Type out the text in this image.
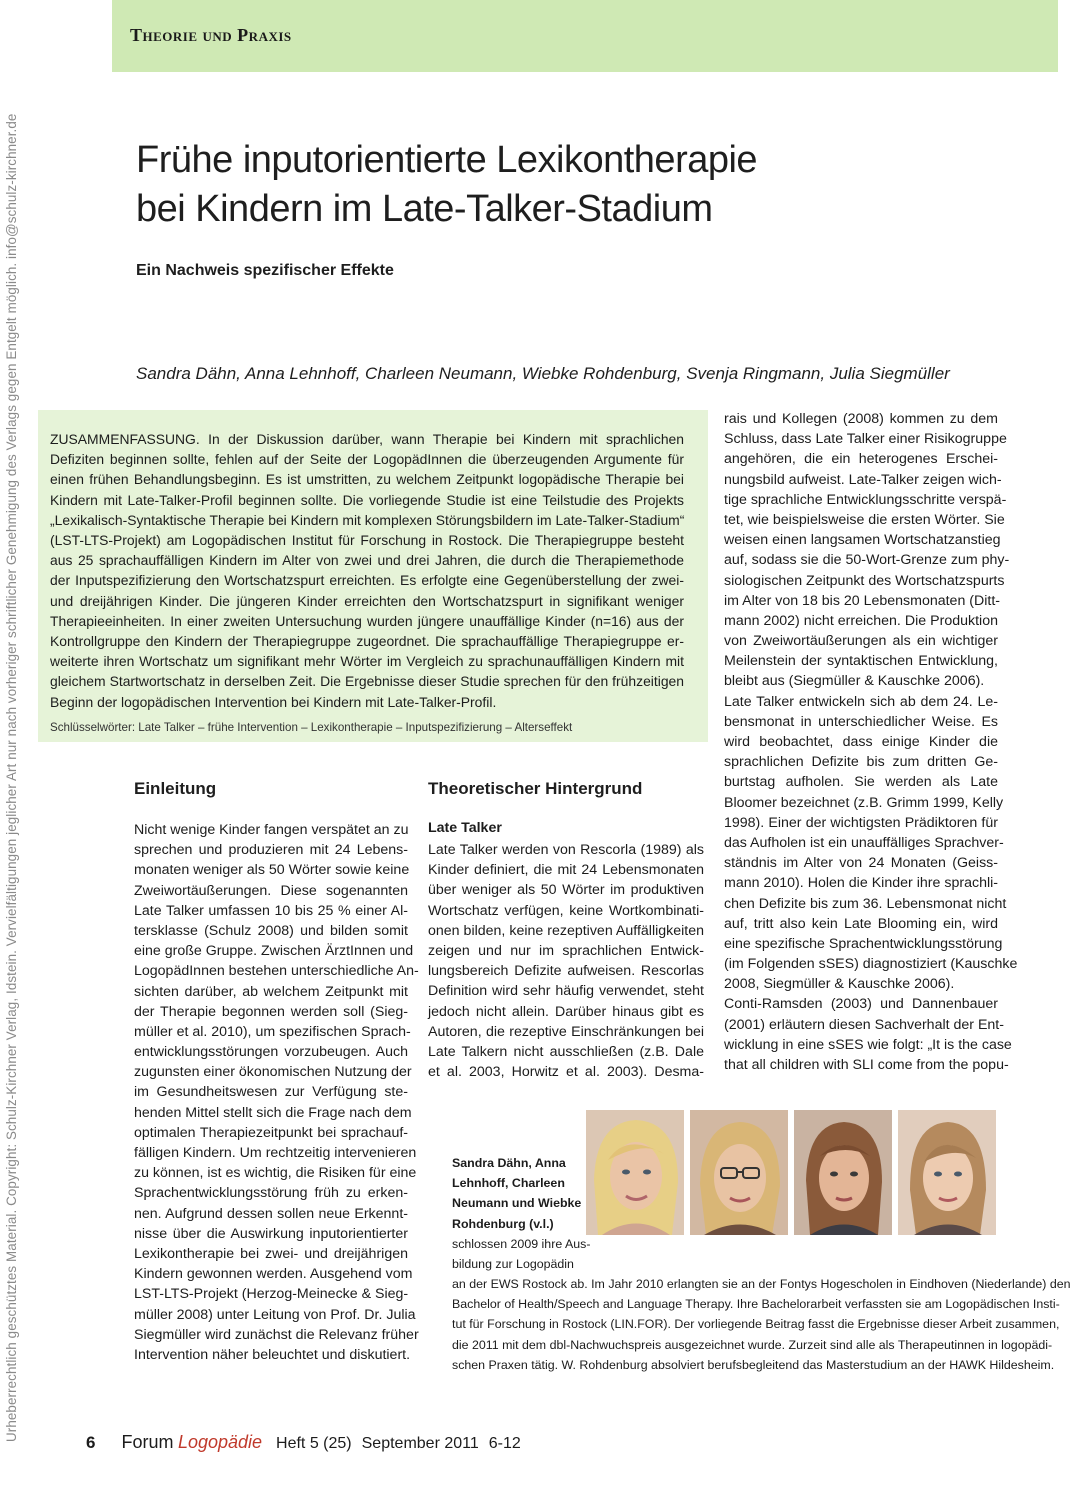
Theorie und Praxis
Urheberrechtlich geschütztes Material. Copyright: Schulz-Kirchner Verlag, Idstein. Vervielfältigungen jeglicher Art nur nach vorheriger schriftlicher Genehmigung des Verlags gegen Entgelt möglich. info@schulz-kirchner.de	Frühe inputorientierte Lexikontherapie
bei Kindern im Late-Talker-Stadium
Ein Nachweis spezifischer Effekte
Sandra Dähn, Anna Lehnhoff, Charleen Neumann, Wiebke Rohdenburg, Svenja Ringmann, Julia Siegmüller
ZUSAMMENFASSUNG. In der Diskussion darüber, wann Therapie bei Kindern mit sprachlichen
Defiziten beginnen sollte, fehlen auf der Seite der LogopädInnen die überzeugenden Argumente für
einen frühen Behandlungsbeginn. Es ist umstritten, zu welchem Zeitpunkt logopädische Therapie bei
Kindern mit Late-Talker-Profil beginnen sollte. Die vorliegende Studie ist eine Teilstudie des Projekts
„Lexikalisch-Syntaktische Therapie bei Kindern mit komplexen Störungsbildern im Late-Talker-Stadium“
(LST-LTS-Projekt) am Logopädischen Institut für Forschung in Rostock. Die Therapiegruppe besteht
aus 25 sprachauffälligen Kindern im Alter von zwei und drei Jahren, die durch die Therapiemethode
der Inputspezifizierung den Wortschatzspurt erreichten. Es erfolgte eine Gegenüberstellung der zwei-
und dreijährigen Kinder. Die jüngeren Kinder erreichten den Wortschatzspurt in signifikant weniger
Therapieeinheiten. In einer zweiten Untersuchung wurden jüngere unauffällige Kinder (n=16) aus der
Kontrollgruppe den Kindern der Therapiegruppe zugeordnet. Die sprachauffällige Therapiegruppe er-
weiterte ihren Wortschatz um signifikant mehr Wörter im Vergleich zu sprachunauffälligen Kindern mit
gleichem Startwortschatz in derselben Zeit. Die Ergebnisse dieser Studie sprechen für den frühzeitigen
Beginn der logopädischen Intervention bei Kindern mit Late-Talker-Profil.
Schlüsselwörter: Late Talker – frühe Intervention – Lexikontherapie – Inputspezifizierung – Alterseffekt
Einleitung
Nicht wenige Kinder fangen verspätet an zu
sprechen und produzieren mit 24 Lebens-
monaten weniger als 50 Wörter sowie keine
Zweiwortäußerungen. Diese sogenannten
Late Talker umfassen 10 bis 25 % einer Al-
tersklasse (Schulz 2008) und bilden somit
eine große Gruppe. Zwischen ÄrztInnen und
LogopädInnen bestehen unterschiedliche An-
sichten darüber, ab welchem Zeitpunkt mit
der Therapie begonnen werden soll (Sieg-
müller et al. 2010), um spezifischen Sprach-
entwicklungsstörungen vorzubeugen. Auch
zugunsten einer ökonomischen Nutzung der
im Gesundheitswesen zur Verfügung ste-
henden Mittel stellt sich die Frage nach dem
optimalen Therapiezeitpunkt bei sprachauf-
fälligen Kindern. Um rechtzeitig intervenieren
zu können, ist es wichtig, die Risiken für eine
Sprachentwicklungsstörung früh zu erken-
nen. Aufgrund dessen sollen neue Erkennt-
nisse über die Auswirkung inputorientierter
Lexikontherapie bei zwei- und dreijährigen
Kindern gewonnen werden. Ausgehend vom
LST-LTS-Projekt (Herzog-Meinecke & Sieg-
müller 2008) unter Leitung von Prof. Dr. Julia
Siegmüller wird zunächst die Relevanz früher
Intervention näher beleuchtet und diskutiert.
Theoretischer Hintergrund
Late Talker
Late Talker werden von Rescorla (1989) als
Kinder definiert, die mit 24 Lebensmonaten
über weniger als 50 Wörter im produktiven
Wortschatz verfügen, keine Wortkombinati-
onen bilden, keine rezeptiven Auffälligkeiten
zeigen und nur im sprachlichen Entwick-
lungsbereich Defizite aufweisen. Rescorlas
Definition wird sehr häufig verwendet, steht
jedoch nicht allein. Darüber hinaus gibt es
Autoren, die rezeptive Einschränkungen bei
Late Talkern nicht ausschließen (z.B. Dale
et al. 2003, Horwitz et al. 2003). Desma-
rais und Kollegen (2008) kommen zu dem
Schluss, dass Late Talker einer Risikogruppe
angehören, die ein heterogenes Erschei-
nungsbild aufweist. Late-Talker zeigen wich-
tige sprachliche Entwicklungsschritte verspä-
tet, wie beispielsweise die ersten Wörter. Sie
weisen einen langsamen Wortschatzanstieg
auf, sodass sie die 50-Wort-Grenze zum phy-
siologischen Zeitpunkt des Wortschatzspurts
im Alter von 18 bis 20 Lebensmonaten (Ditt-
mann 2002) nicht erreichen. Die Produktion
von Zweiwortäußerungen als ein wichtiger
Meilenstein der syntaktischen Entwicklung,
bleibt aus (Siegmüller & Kauschke 2006).
Late Talker entwickeln sich ab dem 24. Le-
bensmonat in unterschiedlicher Weise. Es
wird beobachtet, dass einige Kinder die
sprachlichen Defizite bis zum dritten Ge-
burtstag aufholen. Sie werden als Late
Bloomer bezeichnet (z.B. Grimm 1999, Kelly
1998). Einer der wichtigsten Prädiktoren für
das Aufholen ist ein unauffälliges Sprachver-
ständnis im Alter von 24 Monaten (Geiss-
mann 2010). Holen die Kinder ihre sprachli-
chen Defizite bis zum 36. Lebensmonat nicht
auf, tritt also kein Late Blooming ein, wird
eine spezifische Sprachentwicklungsstörung
(im Folgenden sSES) diagnostiziert (Kauschke
2008, Siegmüller & Kauschke 2006).
Conti-Ramsden (2003) und Dannenbauer
(2001) erläutern diesen Sachverhalt der Ent-
wicklung in eine sSES wie folgt: „It is the case
that all children with SLI come from the popu-
Sandra Dähn, Anna
Lehnhoff, Charleen
Neumann und Wiebke
Rohdenburg (v.l.)
schlossen 2009 ihre Aus-
bildung zur Logopädin
an der EWS Rostock ab. Im Jahr 2010 erlangten sie an der Fontys Hogescholen in Eindhoven (Niederlande) den
Bachelor of Health/Speech and Language Therapy. Ihre Bachelorarbeit verfassten sie am Logopädischen Insti-
tut für Forschung in Rostock (LIN.FOR). Der vorliegende Beitrag fasst die Ergebnisse dieser Arbeit zusammen,
die 2011 mit dem dbl-Nachwuchspreis ausgezeichnet wurde. Zurzeit sind alle als Therapeutinnen in logopädi-
schen Praxen tätig. W. Rohdenburg absolviert berufsbegleitend das Masterstudium an der HAWK Hildesheim.
6 Forum Logopädie Heft 5 (25) September 2011 6-12
